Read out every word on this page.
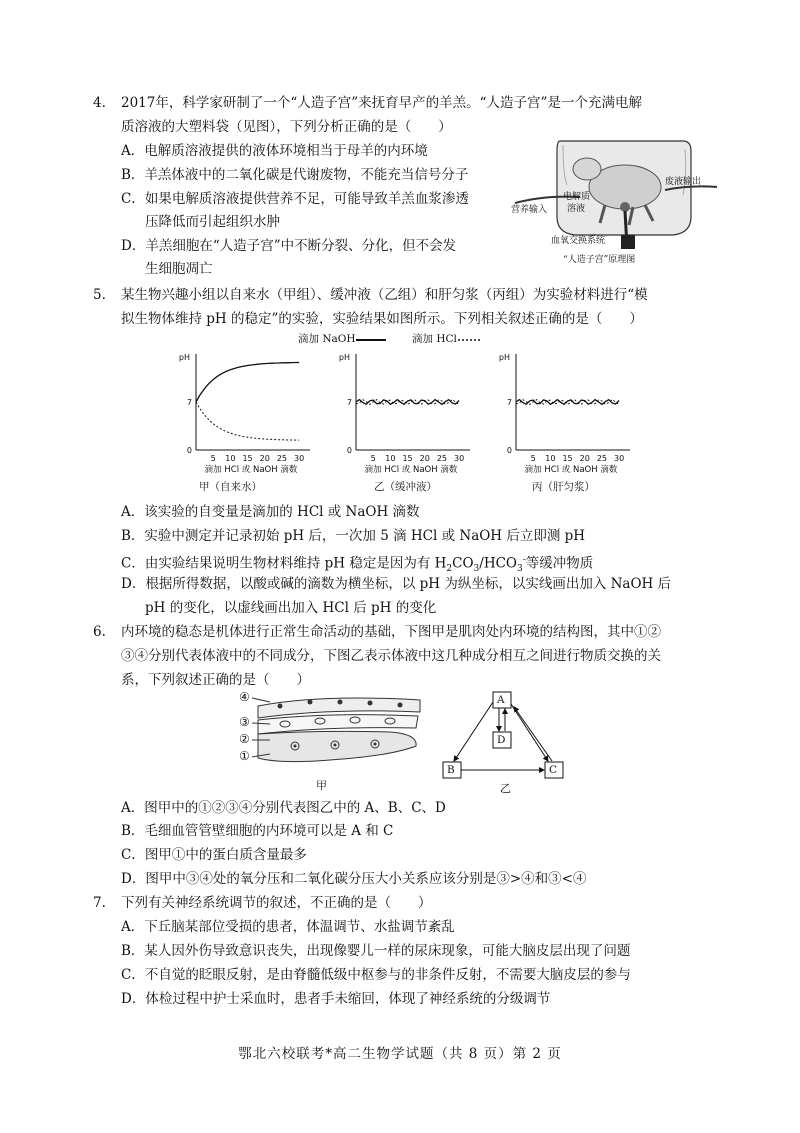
4. 2017年，科学家研制了一个“人造子宫”来抚育早产的羊羔。“人造子宫”是一个充满电解
质溶液的大塑料袋（见图），下列分析正确的是（　　）
A．电解质溶液提供的液体环境相当于母羊的内环境
B．羊羔体液中的二氧化碳是代谢废物，不能充当信号分子
C．如果电解质溶液提供营养不足，可能导致羊羔血浆渗透
压降低而引起组织水肿
D．羊羔细胞在“人造子宫”中不断分裂、分化，但不会发
生细胞凋亡
废液输出
营养输入
电解质
溶液
血氧交换系统
“人造子宫”原理图
5. 某生物兴趣小组以自来水（甲组）、缓冲液（乙组）和肝匀浆（丙组）为实验材料进行“模
拟生物体维持 pH 的稳定”的实验，实验结果如图所示。下列相关叙述正确的是（　　）
滴加 NaOH	滴加 HCl
pH
7
0
5 10 15 20 25 30
滴加 HCl 或 NaOH 滴数
pH
7
0
5 10 15 20 25 30
滴加 HCl 或 NaOH 滴数
pH
7
0
5 10 15 20 25 30
滴加 HCl 或 NaOH 滴数
甲（自来水）	乙（缓冲液）	丙（肝匀浆）
A．该实验的自变量是滴加的 HCl 或 NaOH 滴数
B．实验中测定并记录初始 pH 后，一次加 5 滴 HCl 或 NaOH 后立即测 pH
C．由实验结果说明生物材料维持 pH 稳定是因为有 $H_2CO_3/HCO_3^-$等缓冲物质
D．根据所得数据，以酸或碱的滴数为横坐标，以 pH 为纵坐标，以实线画出加入 NaOH 后
pH 的变化，以虚线画出加入 HCl 后 pH 的变化
6. 内环境的稳态是机体进行正常生命活动的基础，下图甲是肌肉处内环境的结构图，其中①②
③④分别代表体液中的不同成分，下图乙表示体液中这几种成分相互之间进行物质交换的关
系，下列叙述正确的是（　　）
④
③
②
①
甲
A
D
B	C
乙
A．图甲中的①②③④分别代表图乙中的 A、B、C、D
B．毛细血管管壁细胞的内环境可以是 A 和 C
C．图甲①中的蛋白质含量最多
D．图甲中③④处的氧分压和二氧化碳分压大小关系应该分别是③>④和③<④
7. 下列有关神经系统调节的叙述，不正确的是（　　）
A．下丘脑某部位受损的患者，体温调节、水盐调节紊乱
B．某人因外伤导致意识丧失，出现像婴儿一样的尿床现象，可能大脑皮层出现了问题
C．不自觉的眨眼反射，是由脊髓低级中枢参与的非条件反射，不需要大脑皮层的参与
D．体检过程中护士采血时，患者手未缩回，体现了神经系统的分级调节
鄂北六校联考*高二生物学试题（共 8 页）第 2 页
